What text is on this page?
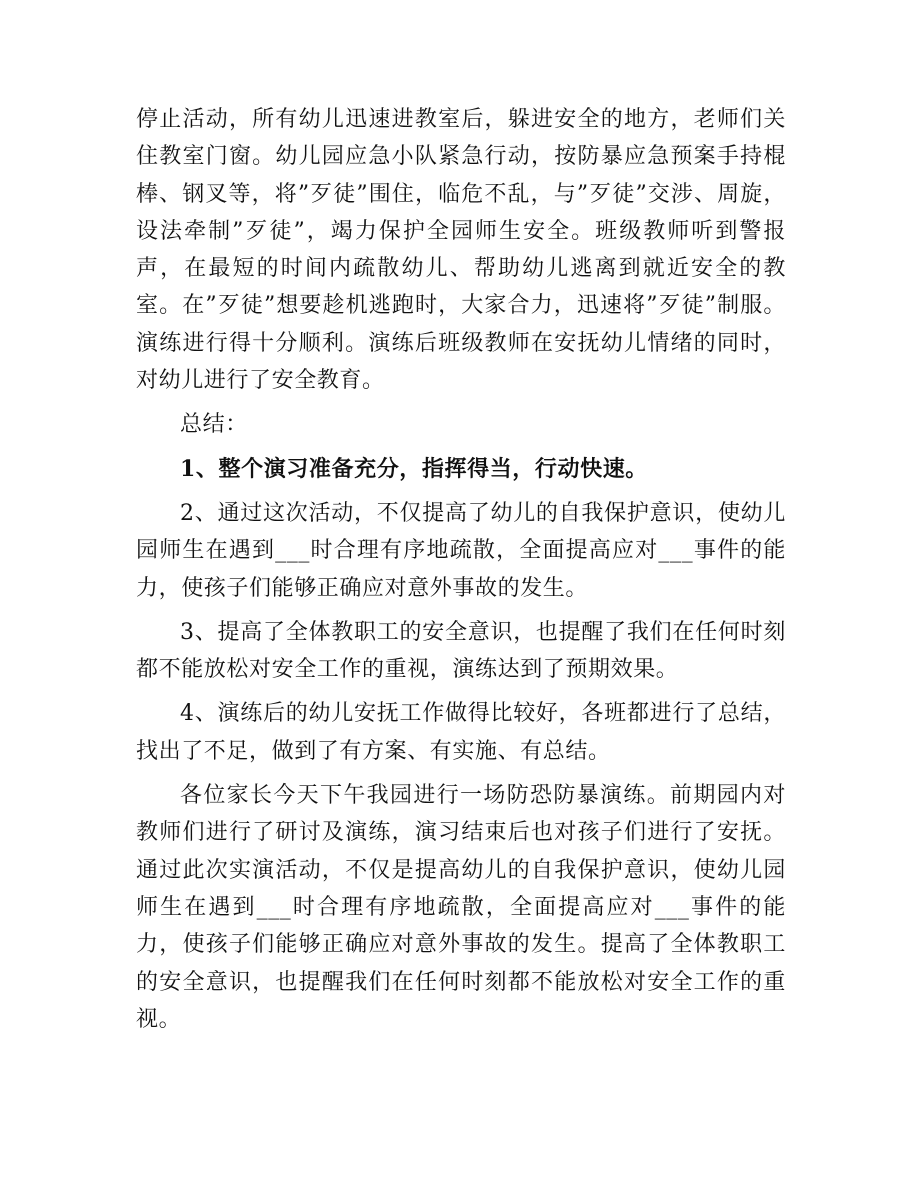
停止活动，所有幼儿迅速进教室后，躲进安全的地方，老师们关住教室门窗。幼儿园应急小队紧急行动，按防暴应急预案手持棍棒、钢叉等，将”歹徒”围住，临危不乱，与”歹徒”交涉、周旋，设法牵制”歹徒”，竭力保护全园师生安全。班级教师听到警报声，在最短的时间内疏散幼儿、帮助幼儿逃离到就近安全的教室。在”歹徒”想要趁机逃跑时，大家合力，迅速将”歹徒”制服。演练进行得十分顺利。演练后班级教师在安抚幼儿情绪的同时，对幼儿进行了安全教育。

总结：

1、整个演习准备充分，指挥得当，行动快速。

2、通过这次活动，不仅提高了幼儿的自我保护意识，使幼儿园师生在遇到___时合理有序地疏散，全面提高应对___事件的能力，使孩子们能够正确应对意外事故的发生。

3、提高了全体教职工的安全意识，也提醒了我们在任何时刻都不能放松对安全工作的重视，演练达到了预期效果。

4、演练后的幼儿安抚工作做得比较好，各班都进行了总结，找出了不足，做到了有方案、有实施、有总结。

各位家长今天下午我园进行一场防恐防暴演练。前期园内对教师们进行了研讨及演练，演习结束后也对孩子们进行了安抚。通过此次实演活动，不仅是提高幼儿的自我保护意识，使幼儿园师生在遇到___时合理有序地疏散，全面提高应对___事件的能力，使孩子们能够正确应对意外事故的发生。提高了全体教职工的安全意识，也提醒我们在任何时刻都不能放松对安全工作的重视。
